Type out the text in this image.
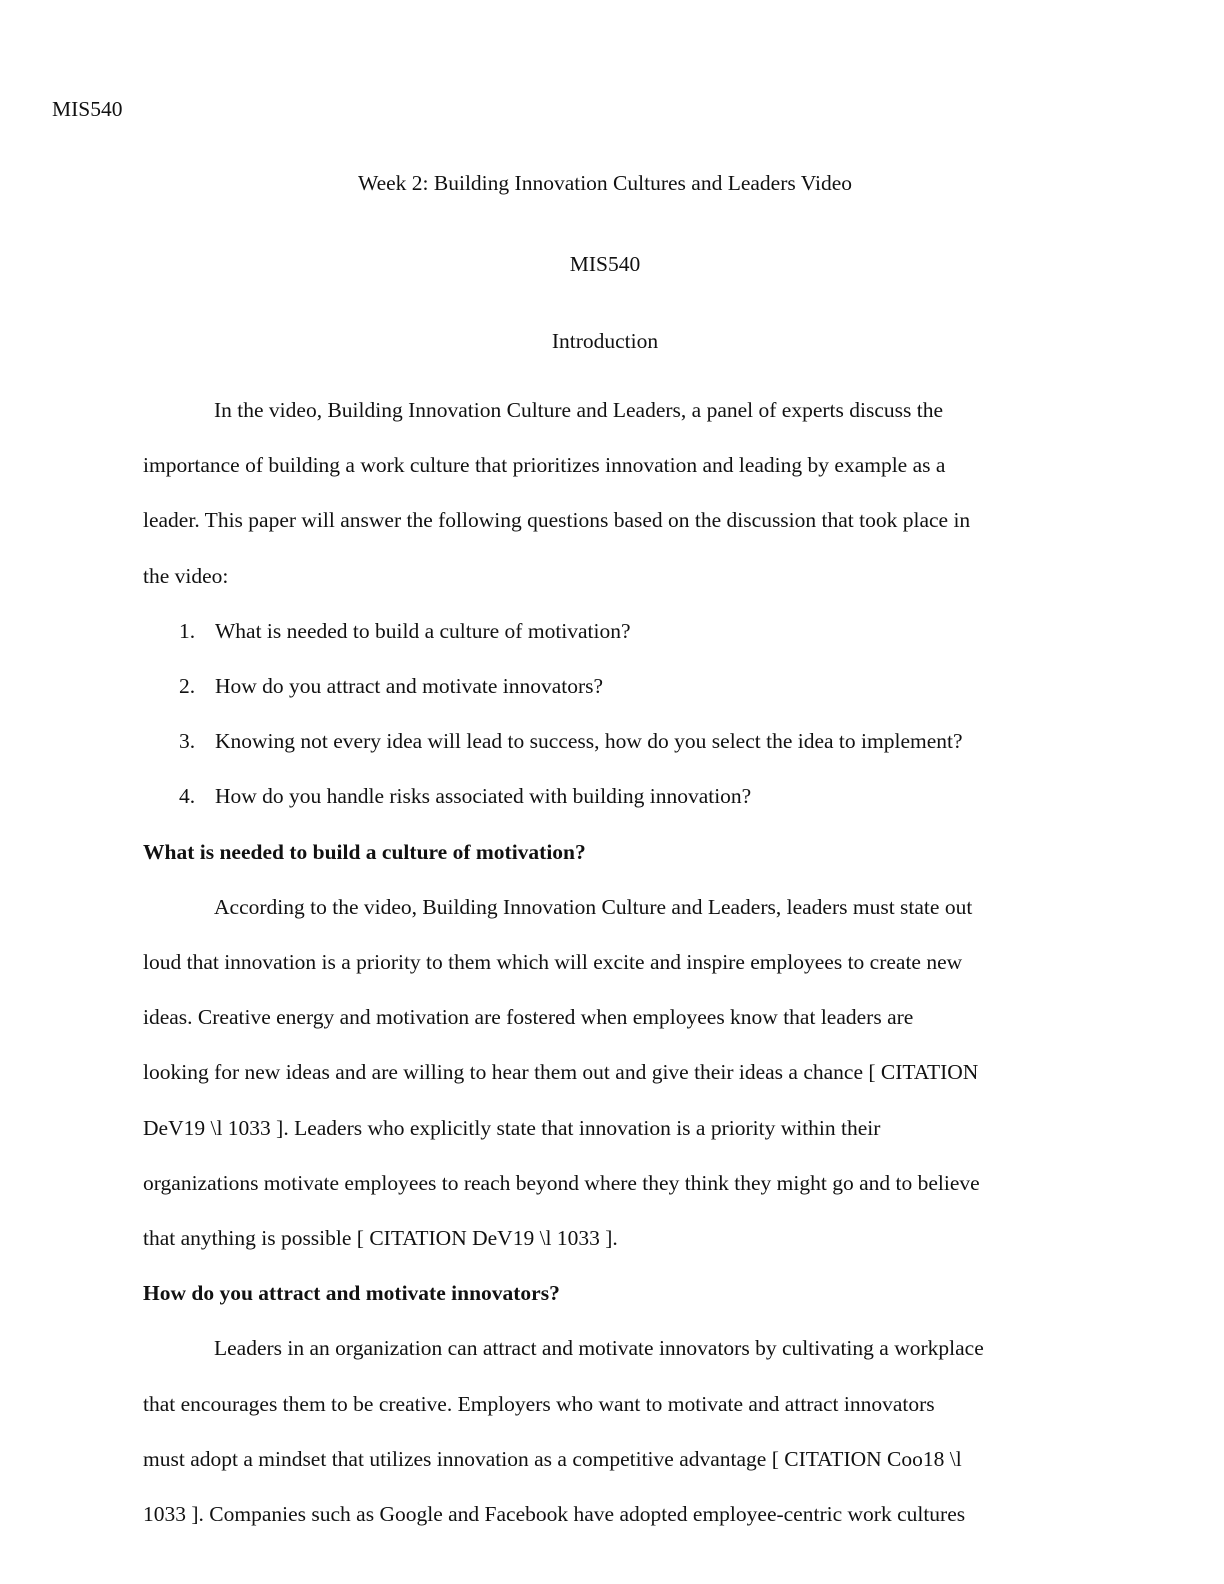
MIS540

Week 2: Building Innovation Cultures and Leaders Video

MIS540

Introduction

In the video, Building Innovation Culture and Leaders, a panel of experts discuss the

importance of building a work culture that prioritizes innovation and leading by example as a

leader. This paper will answer the following questions based on the discussion that took place in

the video:

1. What is needed to build a culture of motivation?
2. How do you attract and motivate innovators?
3. Knowing not every idea will lead to success, how do you select the idea to implement?
4. How do you handle risks associated with building innovation?
What is needed to build a culture of motivation?

According to the video, Building Innovation Culture and Leaders, leaders must state out

loud that innovation is a priority to them which will excite and inspire employees to create new

ideas. Creative energy and motivation are fostered when employees know that leaders are

looking for new ideas and are willing to hear them out and give their ideas a chance [ CITATION

DeV19 \l 1033 ]. Leaders who explicitly state that innovation is a priority within their

organizations motivate employees to reach beyond where they think they might go and to believe

that anything is possible [ CITATION DeV19 \l 1033 ].

How do you attract and motivate innovators?

Leaders in an organization can attract and motivate innovators by cultivating a workplace

that encourages them to be creative. Employers who want to motivate and attract innovators

must adopt a mindset that utilizes innovation as a competitive advantage [ CITATION Coo18 \l

1033 ]. Companies such as Google and Facebook have adopted employee-centric work cultures
